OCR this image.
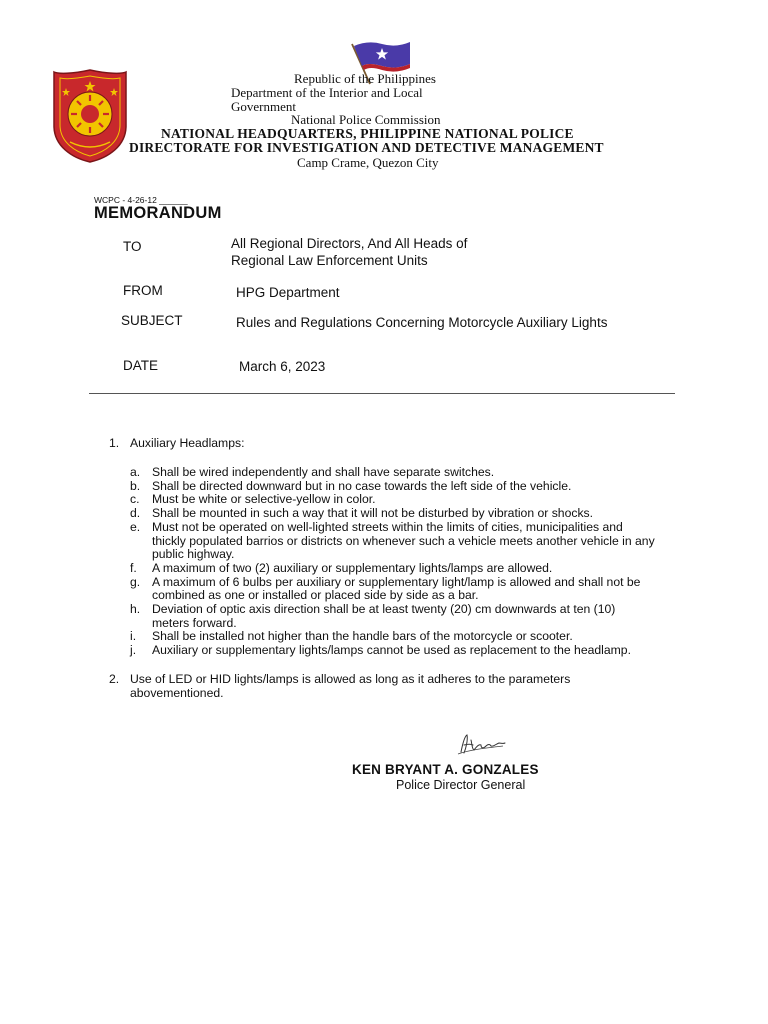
Republic of the Philippines
Department of the Interior and Local
Government
National Police Commission
NATIONAL HEADQUARTERS, PHILIPPINE NATIONAL POLICE
DIRECTORATE FOR INVESTIGATION AND DETECTIVE MANAGEMENT
Camp Crame, Quezon City
WCPC - 4-26-12 ______
MEMORANDUM
TO	All Regional Directors, And All Heads of
Regional Law Enforcement Units
FROM	HPG Department
SUBJECT	Rules and Regulations Concerning Motorcycle Auxiliary Lights
DATE	March 6, 2023
1. Auxiliary Headlamps:
a. Shall be wired independently and shall have separate switches.
b. Shall be directed downward but in no case towards the left side of the vehicle.
c. Must be white or selective-yellow in color.
d. Shall be mounted in such a way that it will not be disturbed by vibration or shocks.
e. Must not be operated on well-lighted streets within the limits of cities, municipalities and
thickly populated barrios or districts on whenever such a vehicle meets another vehicle in any
public highway.
f. A maximum of two (2) auxiliary or supplementary lights/lamps are allowed.
g. A maximum of 6 bulbs per auxiliary or supplementary light/lamp is allowed and shall not be
combined as one or installed or placed side by side as a bar.
h. Deviation of optic axis direction shall be at least twenty (20) cm downwards at ten (10)
meters forward.
i. Shall be installed not higher than the handle bars of the motorcycle or scooter.
j. Auxiliary or supplementary lights/lamps cannot be used as replacement to the headlamp.
2. Use of LED or HID lights/lamps is allowed as long as it adheres to the parameters
abovementioned.
KEN BRYANT A. GONZALES
Police Director General
